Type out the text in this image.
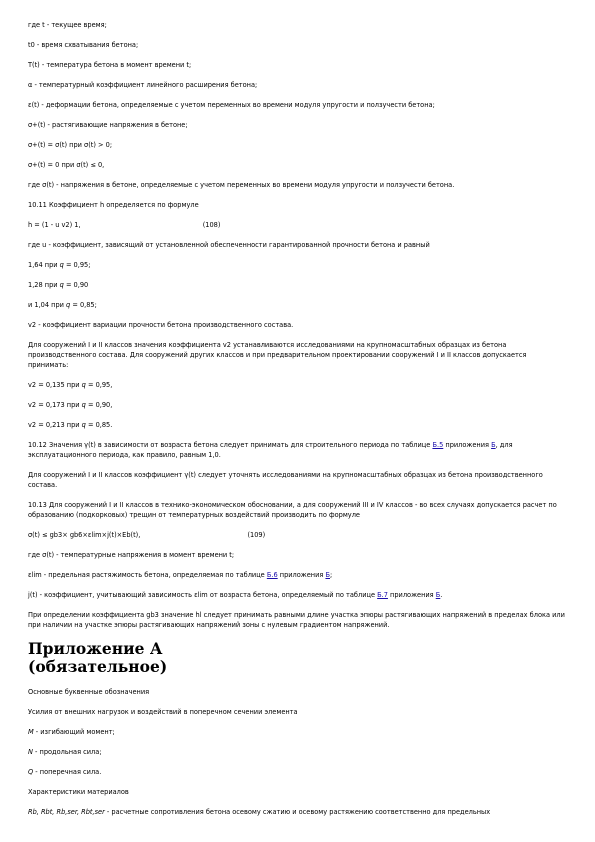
где t - текущее время;

t0 - время схватывания бетона;

T(t) - температура бетона в момент времени t;

α - температурный коэффициент линейного расширения бетона;

ε(t) - деформации бетона, определяемые с учетом переменных во времени модуля упругости и ползучести бетона;

σ+(t) - растягивающие напряжения в бетоне;

σ+(t) = σ(t) при σ(t) > 0;

σ+(t) = 0 при σ(t) ≤ 0,

где σ(t) - напряжения в бетоне, определяемые с учетом переменных во времени модуля упругости и ползучести бетона.

10.11 Коэффициент h определяется по формуле

h = (1 - u v2) 1,	(108)

где u - коэффициент, зависящий от установленной обеспеченности гарантированной прочности бетона и равный

1,64 при q = 0,95;

1,28 при q = 0,90

и 1,04 при q = 0,85;

v2 - коэффициент вариации прочности бетона производственного состава.

Для сооружений I и II классов значения коэффициента v2 устанавливаются исследованиями на крупномасштабных образцах из бетона производственного состава. Для сооружений других классов и при предварительном проектировании сооружений I и II классов допускается принимать:

v2 = 0,135 при q = 0,95,

v2 = 0,173 при q = 0,90,

v2 = 0,213 при q = 0,85.

10.12 Значения γ(t) в зависимости от возраста бетона следует принимать для строительного периода по таблице Б.5 приложения Б, для эксплуатационного периода, как правило, равным 1,0.

Для сооружений I и II классов коэффициент γ(t) следует уточнять исследованиями на крупномасштабных образцах из бетона производственного состава.

10.13 Для сооружений I и II классов в технико-экономическом обосновании, а для сооружений III и IV классов - во всех случаях допускается расчет по образованию (подкорковых) трещин от температурных воздействий производить по формуле

σ(t) ≤ gb3× gb6×εlim×j(t)×Eb(t),	(109)

где σ(t) - температурные напряжения в момент времени t;

εlim - предельная растяжимость бетона, определяемая по таблице Б.6 приложения Б;

j(t) - коэффициент, учитывающий зависимость εlim от возраста бетона, определяемый по таблице Б.7 приложения Б.

При определении коэффициента gb3 значение hl следует принимать равными длине участка эпюры растягивающих напряжений в пределах блока или при наличии на участке эпюры растягивающих напряжений зоны с нулевым градиентом напряжений.

Приложение А
(обязательное)

Основные буквенные обозначения

Усилия от внешних нагрузок и воздействий в поперечном сечении элемента

M - изгибающий момент;

N - продольная сила;

Q - поперечная сила.

Характеристики материалов

Rb, Rbt, Rb,ser, Rbt,ser - расчетные сопротивления бетона осевому сжатию и осевому растяжению соответственно для предельных
